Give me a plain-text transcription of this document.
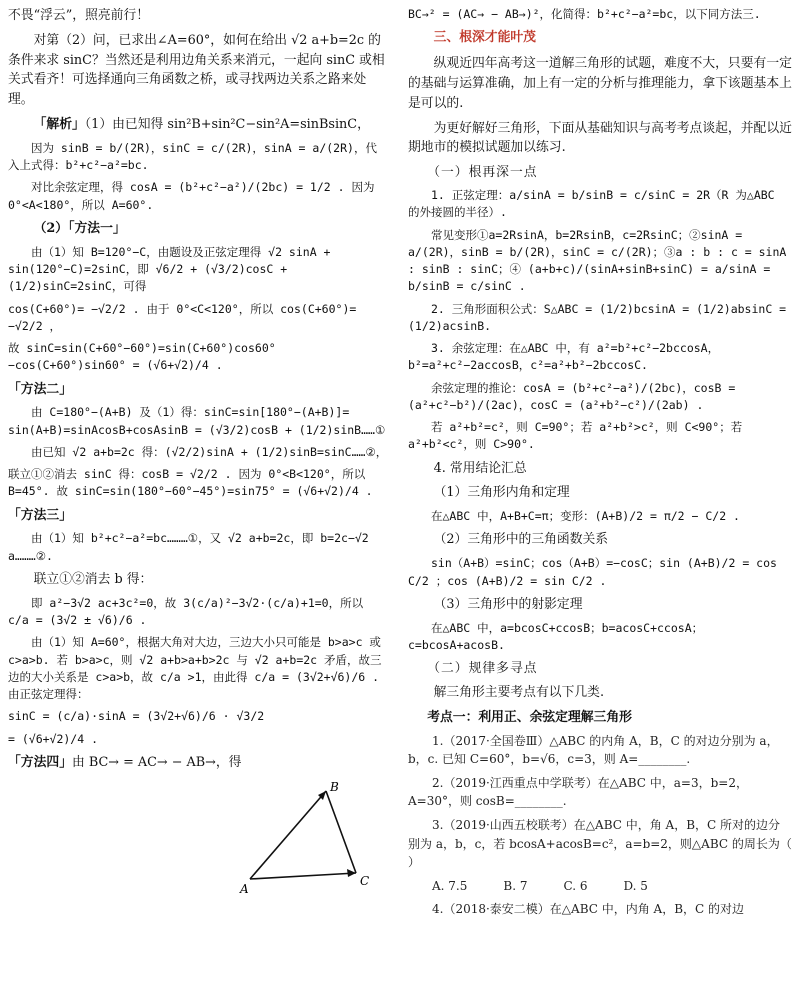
不畏“浮云”，照亮前行！

对第（2）问，已求出∠A=60°，如何在给出 √2 a+b=2c 的条件来求 sinC？当然还是利用边角关系来消元，一起向 sinC 或相关式看齐！可选择通向三角函数之桥，或寻找两边关系之路来处理。

「解析」（1）由已知得 sin²B+sin²C−sin²A=sinBsinC，

因为 sinB = b/(2R)，sinC = c/(2R)，sinA = a/(2R)，代入上式得：b²+c²−a²=bc.

对比余弦定理，得 cosA = (b²+c²−a²)/(2bc) = 1/2 . 因为 0°<A<180°，所以 A=60°.

（2）「方法一」

由（1）知 B=120°−C，由题设及正弦定理得 √2 sinA + sin(120°−C)=2sinC，即 √6/2 + (√3/2)cosC + (1/2)sinC=2sinC，可得

cos(C+60°)= −√2/2 . 由于 0°<C<120°，所以 cos(C+60°)= −√2/2 ，

故 sinC=sin(C+60°−60°)=sin(C+60°)cos60°−cos(C+60°)sin60° = (√6+√2)/4 .

「方法二」

由 C=180°−(A+B) 及（1）得：sinC=sin[180°−(A+B)]= sin(A+B)=sinAcosB+cosAsinB = (√3/2)cosB + (1/2)sinB……①

由已知 √2 a+b=2c 得：(√2/2)sinA + (1/2)sinB=sinC……②，

联立①②消去 sinC 得：cosB = √2/2 . 因为 0°<B<120°，所以 B=45°. 故 sinC=sin(180°−60°−45°)=sin75° = (√6+√2)/4 .

「方法三」

由（1）知 b²+c²−a²=bc………①，又 √2 a+b=2c，即 b=2c−√2 a………②.

联立①②消去 b 得：

即 a²−3√2 ac+3c²=0，故 3(c/a)²−3√2·(c/a)+1=0，所以 c/a = (3√2 ± √6)/6 .

由（1）知 A=60°，根据大角对大边，三边大小只可能是 b>a>c 或 c>a>b. 若 b>a>c，则 √2 a+b>a+b>2c 与 √2 a+b=2c 矛盾，故三边的大小关系是 c>a>b，故 c/a >1，由此得 c/a = (3√2+√6)/6 . 由正弦定理得：

sinC = (c/a)·sinA = (3√2+√6)/6 · √3/2

= (√6+√2)/4 .

「方法四」由 BC→ = AC→ − AB→，得

A
B
C

BC→² = (AC→ − AB→)²，化简得：b²+c²−a²=bc，以下同方法三.

三、根深才能叶茂

纵观近四年高考这一道解三角形的试题，难度不大，只要有一定的基础与运算准确，加上有一定的分析与推理能力，拿下该题基本上是可以的.

为更好解好三角形，下面从基础知识与高考考点谈起，并配以近期地市的模拟试题加以练习.

（一）根再深一点

1. 正弦定理：a/sinA = b/sinB = c/sinC = 2R（R 为△ABC 的外接圆的半径）.

常见变形①a=2RsinA，b=2RsinB，c=2RsinC；②sinA = a/(2R)，sinB = b/(2R)，sinC = c/(2R)；③a : b : c = sinA : sinB : sinC；④ (a+b+c)/(sinA+sinB+sinC) = a/sinA = b/sinB = c/sinC .

2. 三角形面积公式：S△ABC = (1/2)bcsinA = (1/2)absinC = (1/2)acsinB.

3. 余弦定理：在△ABC 中，有 a²=b²+c²−2bccosA，b²=a²+c²−2accosB，c²=a²+b²−2bccosC.

余弦定理的推论：cosA = (b²+c²−a²)/(2bc)，cosB = (a²+c²−b²)/(2ac)，cosC = (a²+b²−c²)/(2ab) .

若 a²+b²=c²，则 C=90°；若 a²+b²>c²，则 C<90°；若 a²+b²<c²，则 C>90°.

4. 常用结论汇总

（1）三角形内角和定理

在△ABC 中，A+B+C=π；变形：(A+B)/2 = π/2 − C/2 .

（2）三角形中的三角函数关系

sin（A+B）=sinC；cos（A+B）=−cosC；sin (A+B)/2 = cos C/2 ；cos (A+B)/2 = sin C/2 .

（3）三角形中的射影定理

在△ABC 中，a=bcosC+ccosB；b=acosC+ccosA；c=bcosA+acosB.

（二）规律多寻点

解三角形主要考点有以下几类.

考点一：利用正、余弦定理解三角形

1.（2017·全国卷Ⅲ）△ABC 的内角 A，B，C 的对边分别为 a，b，c. 已知 C=60°，b=√6，c=3，则 A=________.

2.（2019·江西重点中学联考）在△ABC 中，a=3，b=2，A=30°，则 cosB=________.

3.（2019·山西五校联考）在△ABC 中，角 A，B，C 所对的边分别为 a，b，c，若 bcosA+acosB=c²，a=b=2，则△ABC 的周长为（ ）

A. 7.5　　　B. 7　　　C. 6　　　D. 5

4.（2018·泰安二模）在△ABC 中，内角 A，B，C 的对边
